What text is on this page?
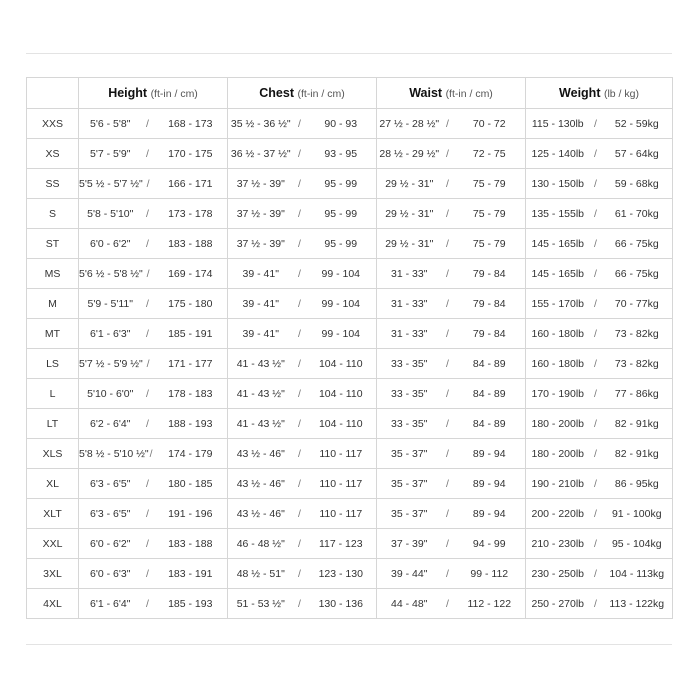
	Height (ft-in / cm)		Chest (ft-in / cm)		Waist (ft-in / cm)		Weight (lb / kg)	
XXS	5'6 - 5'8" /	168 - 173	35 ½ - 36 ½" /	90 - 93	27 ½ - 28 ½" /	70 - 72	115 - 130lb /	52 - 59kg
XS	5'7 - 5'9" /	170 - 175	36 ½ - 37 ½" /	93 - 95	28 ½ - 29 ½" /	72 - 75	125 - 140lb /	57 - 64kg
SS	5'5 ½ - 5'7 ½" /	166 - 171	37 ½ - 39" /	95 - 99	29 ½ - 31" /	75 - 79	130 - 150lb /	59 - 68kg
S	5'8 - 5'10" /	173 - 178	37 ½ - 39" /	95 - 99	29 ½ - 31" /	75 - 79	135 - 155lb /	61 - 70kg
ST	6'0 - 6'2" /	183 - 188	37 ½ - 39" /	95 - 99	29 ½ - 31" /	75 - 79	145 - 165lb /	66 - 75kg
MS	5'6 ½ - 5'8 ½" /	169 - 174	39 - 41" /	99 - 104	31 - 33" /	79 - 84	145 - 165lb /	66 - 75kg
M	5'9 - 5'11" /	175 - 180	39 - 41" /	99 - 104	31 - 33" /	79 - 84	155 - 170lb /	70 - 77kg
MT	6'1 - 6'3" /	185 - 191	39 - 41" /	99 - 104	31 - 33" /	79 - 84	160 - 180lb /	73 - 82kg
LS	5'7 ½ - 5'9 ½" /	171 - 177	41 - 43 ½" /	104 - 110	33 - 35" /	84 - 89	160 - 180lb /	73 - 82kg
L	5'10 - 6'0" /	178 - 183	41 - 43 ½" /	104 - 110	33 - 35" /	84 - 89	170 - 190lb /	77 - 86kg
LT	6'2 - 6'4" /	188 - 193	41 - 43 ½" /	104 - 110	33 - 35" /	84 - 89	180 - 200lb /	82 - 91kg
XLS	5'8 ½ - 5'10 ½" /	174 - 179	43 ½ - 46" /	110 - 117	35 - 37" /	89 - 94	180 - 200lb /	82 - 91kg
XL	6'3 - 6'5" /	180 - 185	43 ½ - 46" /	110 - 117	35 - 37" /	89 - 94	190 - 210lb /	86 - 95kg
XLT	6'3 - 6'5" /	191 - 196	43 ½ - 46" /	110 - 117	35 - 37" /	89 - 94	200 - 220lb /	91 - 100kg
XXL	6'0 - 6'2" /	183 - 188	46 - 48 ½" /	117 - 123	37 - 39" /	94 - 99	210 - 230lb /	95 - 104kg
3XL	6'0 - 6'3" /	183 - 191	48 ½ - 51" /	123 - 130	39 - 44" /	99 - 112	230 - 250lb /	104 - 113kg
4XL	6'1 - 6'4" /	185 - 193	51 - 53 ½" /	130 - 136	44 - 48" /	112 - 122	250 - 270lb /	113 - 122kg
